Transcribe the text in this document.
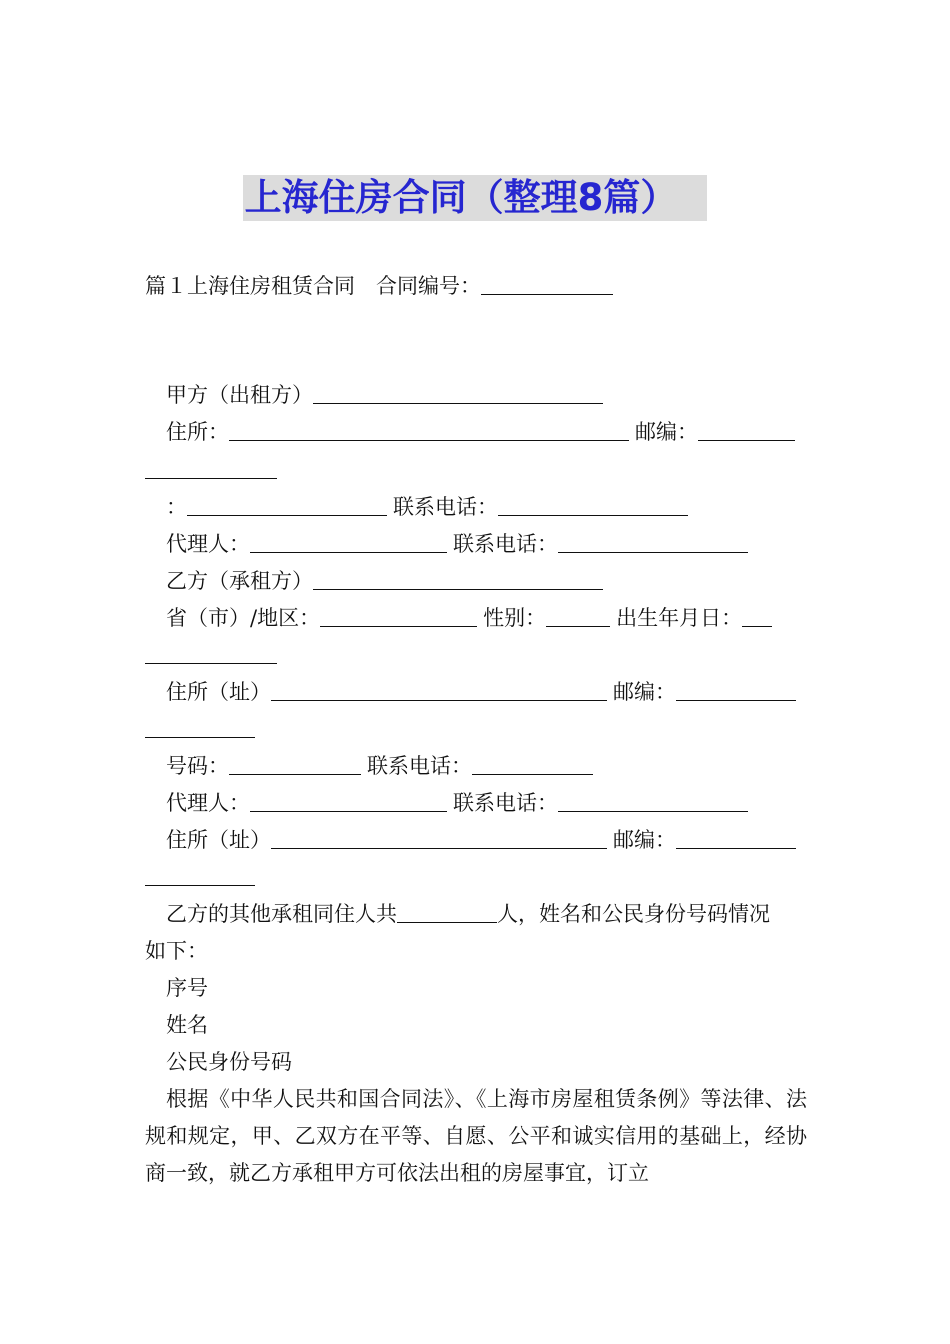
上海住房合同（整理8篇）
篇１上海住房租赁合同　合同编号：
甲方（出租方）
住所：	邮编：
：	联系电话：
代理人：	联系电话：
乙方（承租方）
省（市）/地区：	性别：	出生年月日：
住所（址）	邮编：
号码：	联系电话：
代理人：	联系电话：
住所（址）	邮编：
乙方的其他承租同住人共	人，姓名和公民身份号码情况
如下：
序号
姓名
公民身份号码
根据《中华人民共和国合同法》、《上海市房屋租赁条例》等法律、法规和规定，甲、乙双方在平等、自愿、公平和诚实信用的基础上，经协商一致，就乙方承租甲方可依法出租的房屋事宜，订立
